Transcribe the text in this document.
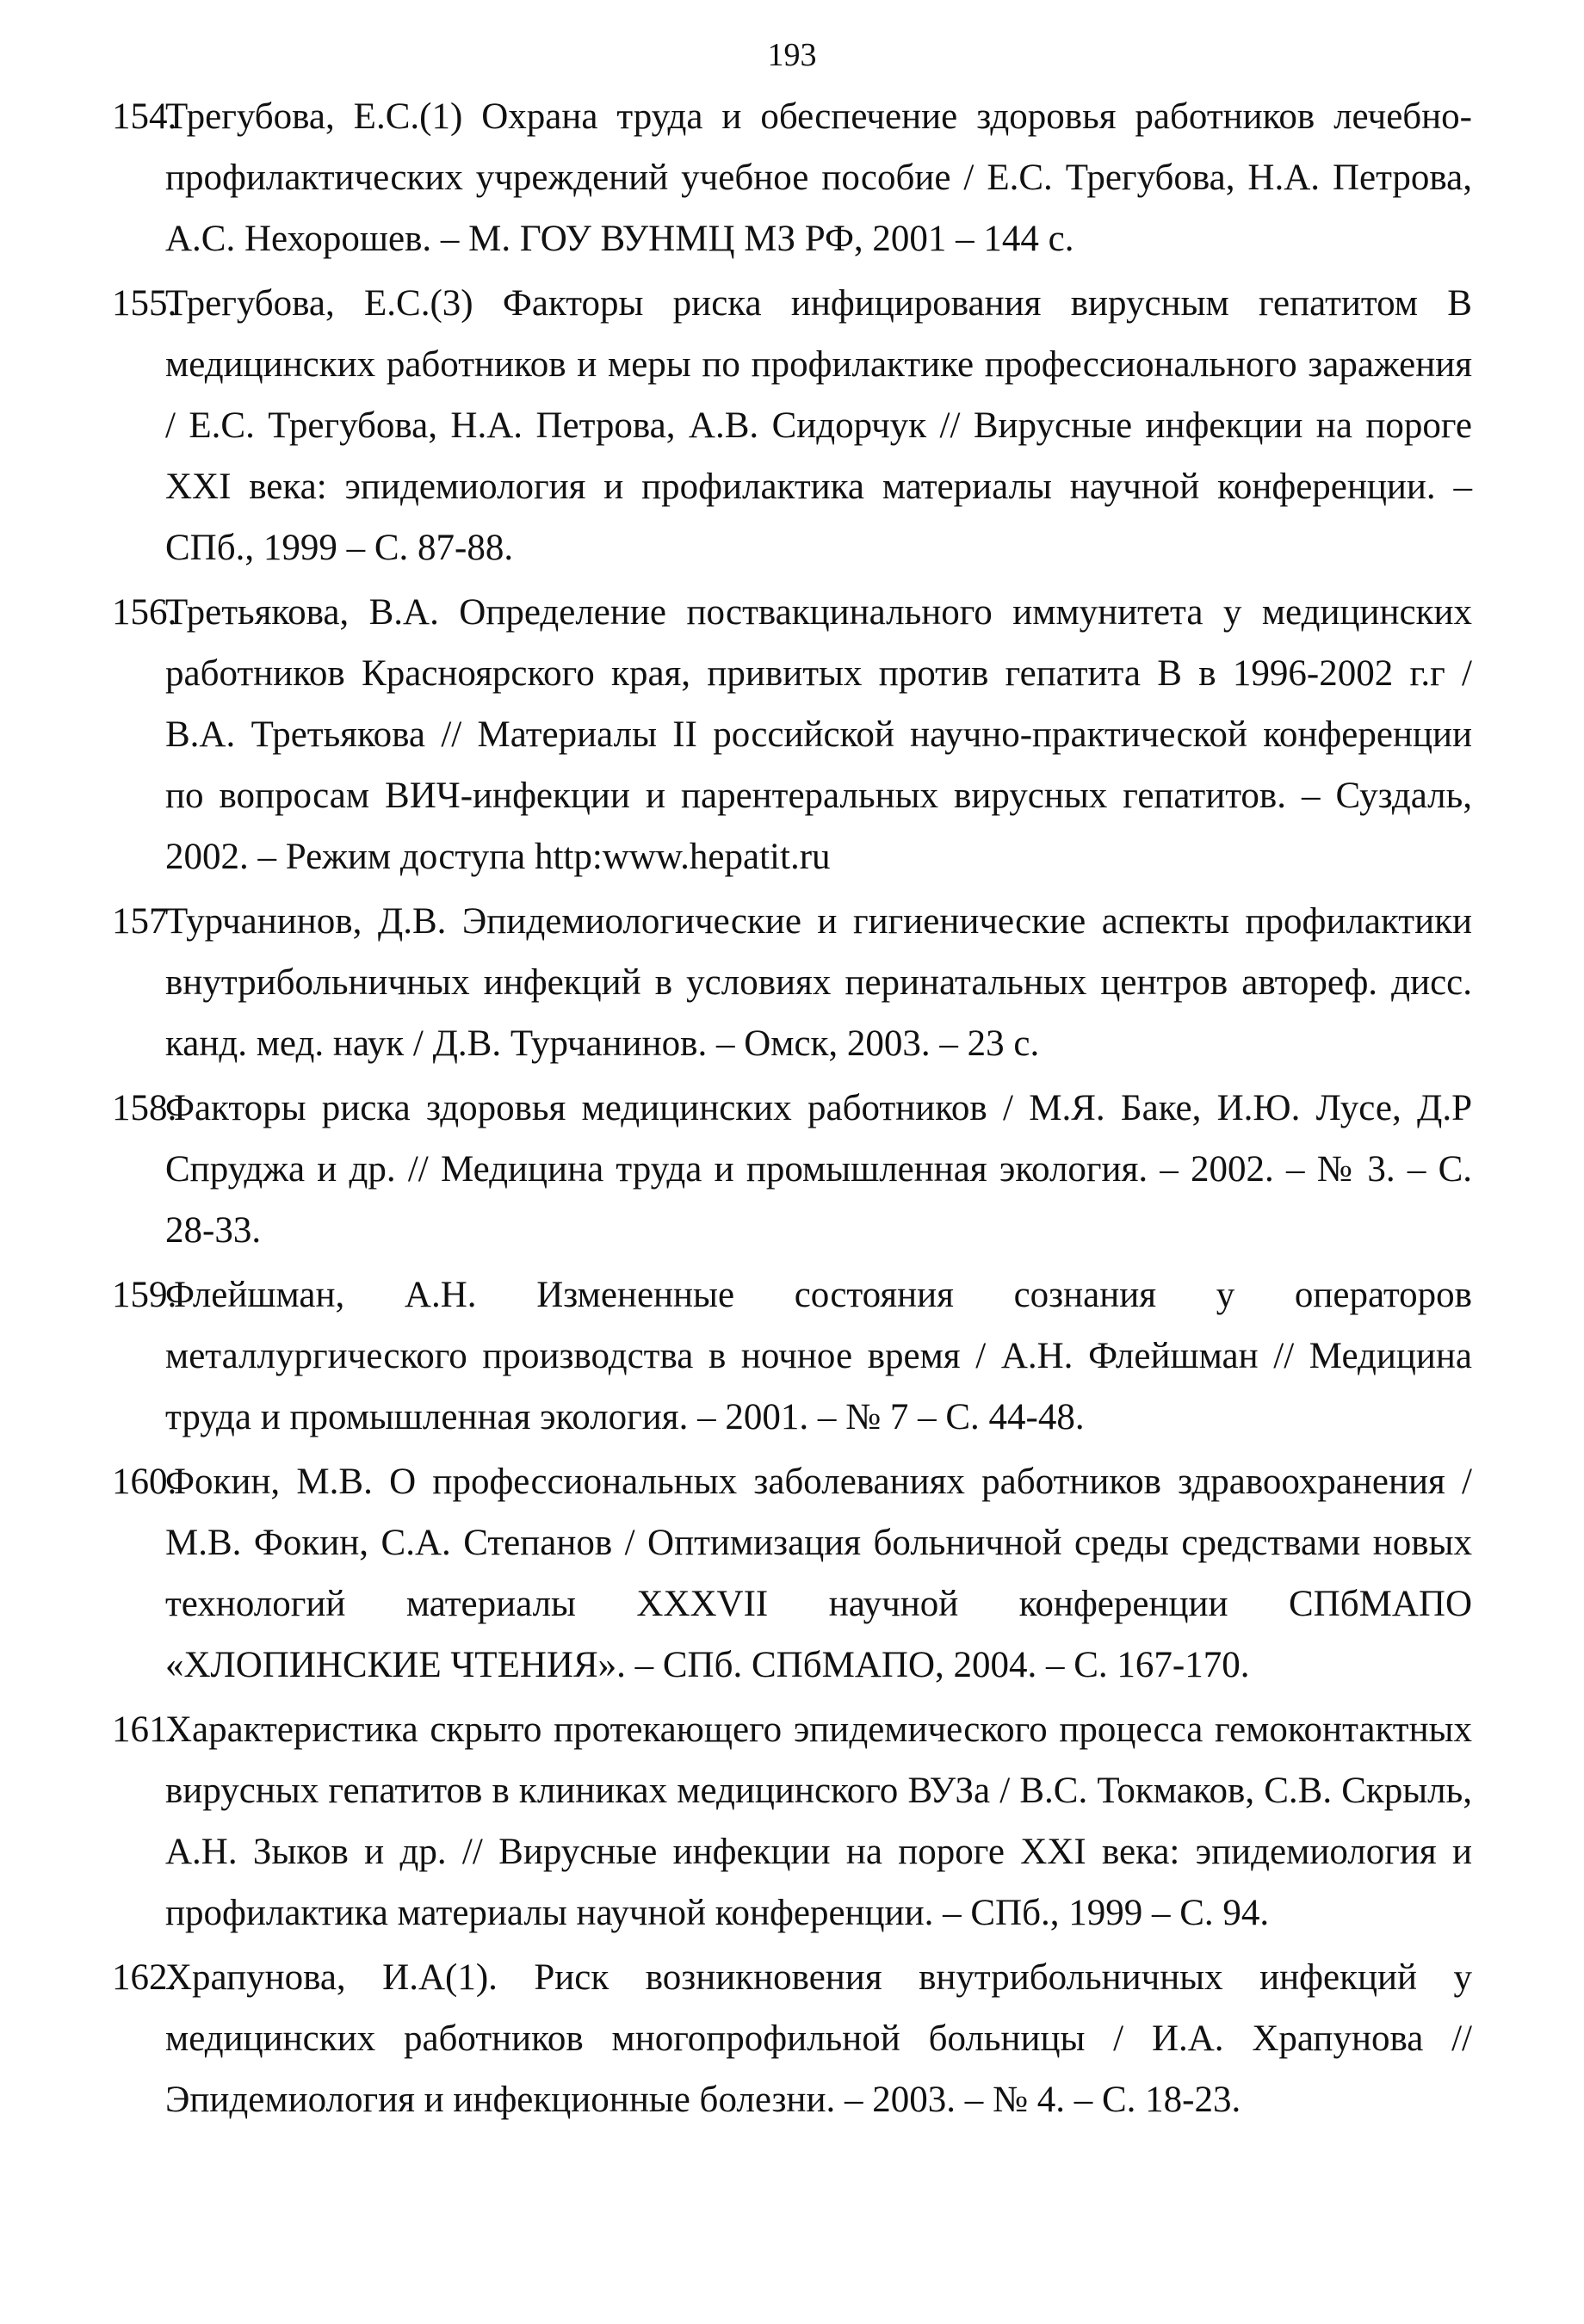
193
154.
Трегубова, Е.С.(1) Охрана труда и обеспечение здоровья работников лечебно-профилактических учреждений учебное пособие / Е.С. Трегубова, Н.А. Петрова, А.С. Нехорошев. – М. ГОУ ВУНМЦ МЗ РФ, 2001 – 144 с.
155.
Трегубова, Е.С.(3) Факторы риска инфицирования вирусным гепатитом В медицинских работников и меры по профилактике профессионального заражения / Е.С. Трегубова, Н.А. Петрова, А.В. Сидорчук // Вирусные инфекции на пороге XXI века: эпидемиология и профилактика материалы научной конференции. – СПб., 1999 – С. 87-88.
156.
Третьякова, В.А. Определение поствакцинального иммунитета у медицинских работников Красноярского края, привитых против гепатита В в 1996-2002 г.г / В.А. Третьякова // Материалы II российской научно-практической конференции по вопросам ВИЧ-инфекции и парентеральных вирусных гепатитов. – Суздаль, 2002. – Режим доступа http:www.hepatit.ru
157
Турчанинов, Д.В. Эпидемиологические и гигиенические аспекты профилактики внутрибольничных инфекций в условиях перинатальных центров автореф. дисс. канд. мед. наук / Д.В. Турчанинов. – Омск, 2003. – 23 с.
158.
Факторы риска здоровья медицинских работников / М.Я. Баке, И.Ю. Лусе, Д.Р Спруджа и др. // Медицина труда и промышленная экология. – 2002. – № 3. – С. 28-33.
159.
Флейшман, А.Н. Измененные состояния сознания у операторов металлургического производства в ночное время / А.Н. Флейшман // Медицина труда и промышленная экология. – 2001. – № 7 – С. 44-48.
160.
Фокин, М.В. О профессиональных заболеваниях работников здравоохранения / М.В. Фокин, С.А. Степанов / Оптимизация больничной среды средствами новых технологий материалы XXXVII научной конференции СПбМАПО «ХЛОПИНСКИЕ ЧТЕНИЯ». – СПб. СПбМАПО, 2004. – С. 167-170.
161.
Характеристика скрыто протекающего эпидемического процесса гемоконтактных вирусных гепатитов в клиниках медицинского ВУЗа / В.С. Токмаков, С.В. Скрыль, А.Н. Зыков и др. // Вирусные инфекции на пороге XXI века: эпидемиология и профилактика материалы научной конференции. – СПб., 1999 – С. 94.
162.
Храпунова, И.А(1). Риск возникновения внутрибольничных инфекций у медицинских работников многопрофильной больницы / И.А. Храпунова // Эпидемиология и инфекционные болезни. – 2003. – № 4. – С. 18-23.
